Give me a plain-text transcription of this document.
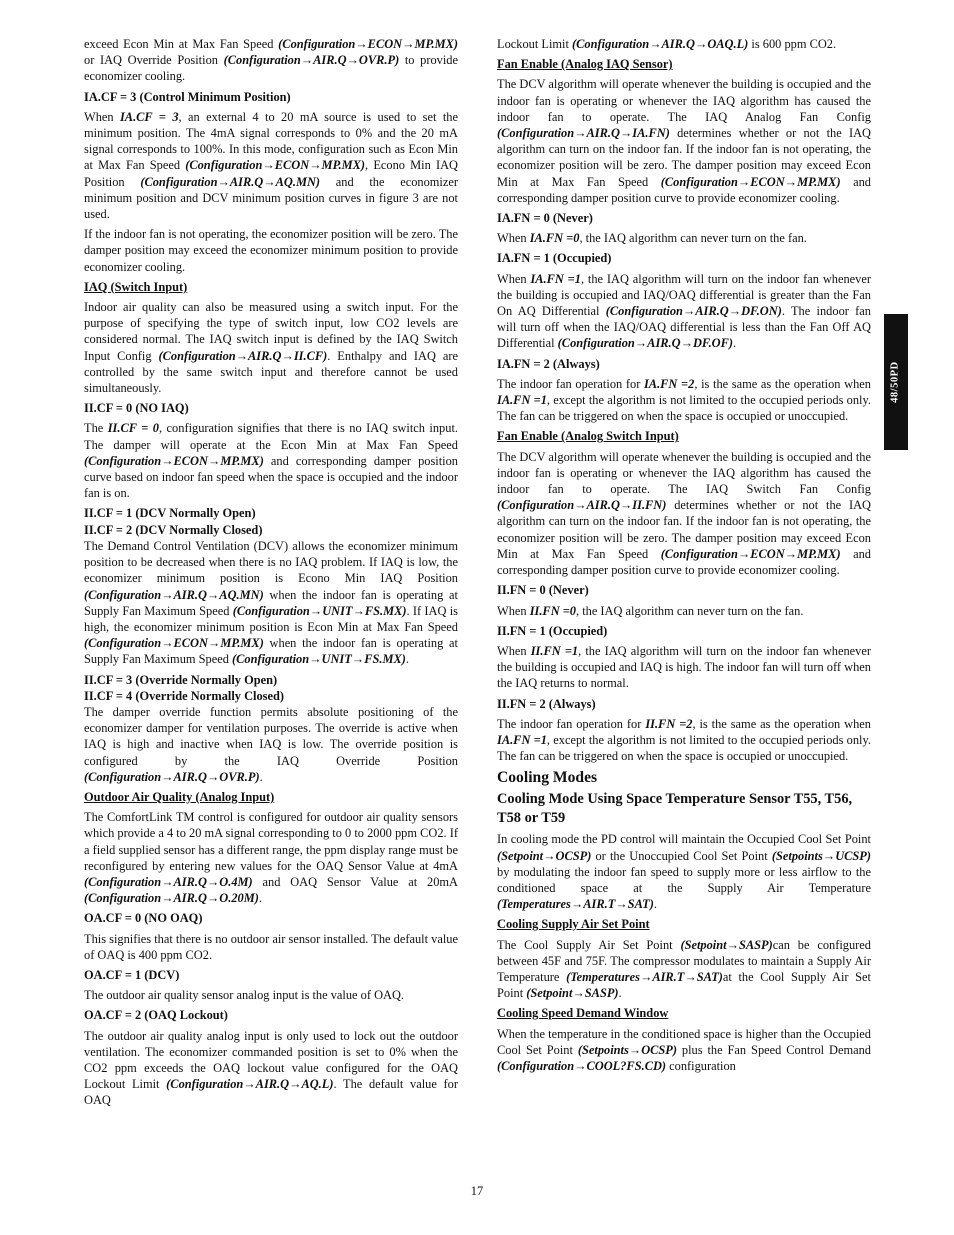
exceed Econ Min at Max Fan Speed (Configuration→ECON→MP.MX) or IAQ Override Position (Configuration→AIR.Q→OVR.P) to provide economizer cooling.

IA.CF = 3 (Control Minimum Position)

When IA.CF = 3, an external 4 to 20 mA source is used to set the minimum position. The 4mA signal corresponds to 0% and the 20 mA signal corresponds to 100%. In this mode, configuration such as Econ Min at Max Fan Speed (Configuration→ECON→MP.MX), Econo Min IAQ Position (Configuration→AIR.Q→AQ.MN) and the economizer minimum position and DCV minimum position curves in figure 3 are not used.

If the indoor fan is not operating, the economizer position will be zero. The damper position may exceed the economizer minimum position to provide economizer cooling.

IAQ (Switch Input)

Indoor air quality can also be measured using a switch input. For the purpose of specifying the type of switch input, low CO2 levels are considered normal. The IAQ switch input is defined by the IAQ Switch Input Config (Configuration→AIR.Q→II.CF). Enthalpy and IAQ are controlled by the same switch input and therefore cannot be used simultaneously.

II.CF = 0 (NO IAQ)

The II.CF = 0, configuration signifies that there is no IAQ switch input. The damper will operate at the Econ Min at Max Fan Speed (Configuration→ECON→MP.MX) and corresponding damper position curve based on indoor fan speed when the space is occupied and the indoor fan is on.

II.CF = 1 (DCV Normally Open)
II.CF = 2 (DCV Normally Closed)

The Demand Control Ventilation (DCV) allows the economizer minimum position to be decreased when there is no IAQ problem. If IAQ is low, the economizer minimum position is Econo Min IAQ Position (Configuration→AIR.Q→AQ.MN) when the indoor fan is operating at Supply Fan Maximum Speed (Configuration→UNIT→FS.MX). If IAQ is high, the economizer minimum position is Econ Min at Max Fan Speed (Configuration→ECON→MP.MX) when the indoor fan is operating at Supply Fan Maximum Speed (Configuration→UNIT→FS.MX).

II.CF = 3 (Override Normally Open)
II.CF = 4 (Override Normally Closed)

The damper override function permits absolute positioning of the economizer damper for ventilation purposes. The override is active when IAQ is high and inactive when IAQ is low. The override position is configured by the IAQ Override Position (Configuration→AIR.Q→OVR.P).

Outdoor Air Quality (Analog Input)

The ComfortLink TM control is configured for outdoor air quality sensors which provide a 4 to 20 mA signal corresponding to 0 to 2000 ppm CO2. If a field supplied sensor has a different range, the ppm display range must be reconfigured by entering new values for the OAQ Sensor Value at 4mA (Configuration→AIR.Q→O.4M) and OAQ Sensor Value at 20mA (Configuration→AIR.Q→O.20M).

OA.CF = 0 (NO OAQ)

This signifies that there is no outdoor air sensor installed. The default value of OAQ is 400 ppm CO2.

OA.CF = 1 (DCV)

The outdoor air quality sensor analog input is the value of OAQ.

OA.CF = 2 (OAQ Lockout)

The outdoor air quality analog input is only used to lock out the outdoor ventilation. The economizer commanded position is set to 0% when the CO2 ppm exceeds the OAQ lockout value configured for the OAQ Lockout Limit (Configuration→AIR.Q→AQ.L). The default value for OAQ

Lockout Limit (Configuration→AIR.Q→OAQ.L) is 600 ppm CO2.

Fan Enable (Analog IAQ Sensor)

The DCV algorithm will operate whenever the building is occupied and the indoor fan is operating or whenever the IAQ algorithm has caused the indoor fan to operate. The IAQ Analog Fan Config (Configuration→AIR.Q→IA.FN) determines whether or not the IAQ algorithm can turn on the indoor fan. If the indoor fan is not operating, the economizer position will be zero. The damper position may exceed Econ Min at Max Fan Speed (Configuration→ECON→MP.MX) and corresponding damper position curve to provide economizer cooling.

IA.FN = 0 (Never)

When IA.FN =0, the IAQ algorithm can never turn on the fan.

IA.FN = 1 (Occupied)

When IA.FN =1, the IAQ algorithm will turn on the indoor fan whenever the building is occupied and IAQ/OAQ differential is greater than the Fan On AQ Differential (Configuration→AIR.Q→DF.ON). The indoor fan will turn off when the IAQ/OAQ differential is less than the Fan Off AQ Differential (Configuration→AIR.Q→DF.OF).

IA.FN = 2 (Always)

The indoor fan operation for IA.FN =2, is the same as the operation when IA.FN =1, except the algorithm is not limited to the occupied periods only. The fan can be triggered on when the space is occupied or unoccupied.

Fan Enable (Analog Switch Input)

The DCV algorithm will operate whenever the building is occupied and the indoor fan is operating or whenever the IAQ algorithm has caused the indoor fan to operate. The IAQ Switch Fan Config (Configuration→AIR.Q→II.FN) determines whether or not the IAQ algorithm can turn on the indoor fan. If the indoor fan is not operating, the economizer position will be zero. The damper position may exceed Econ Min at Max Fan Speed (Configuration→ECON→MP.MX) and corresponding damper position curve to provide economizer cooling.

II.FN = 0 (Never)

When II.FN =0, the IAQ algorithm can never turn on the fan.

II.FN = 1 (Occupied)

When II.FN =1, the IAQ algorithm will turn on the indoor fan whenever the building is occupied and IAQ is high. The indoor fan will turn off when the IAQ returns to normal.

II.FN = 2 (Always)

The indoor fan operation for II.FN =2, is the same as the operation when IA.FN =1, except the algorithm is not limited to the occupied periods only. The fan can be triggered on when the space is occupied or unoccupied.

Cooling Modes
Cooling Mode Using Space Temperature Sensor T55, T56, T58 or T59

In cooling mode the PD control will maintain the Occupied Cool Set Point (Setpoint→OCSP) or the Unoccupied Cool Set Point (Setpoints→UCSP) by modulating the indoor fan speed to supply more or less airflow to the conditioned space at the Supply Air Temperature (Temperatures→AIR.T→SAT).

Cooling Supply Air Set Point

The Cool Supply Air Set Point (Setpoint→SASP)can be configured between 45F and 75F. The compressor modulates to maintain a Supply Air Temperature (Temperatures→AIR.T→SAT)at the Cool Supply Air Set Point (Setpoint→SASP).

Cooling Speed Demand Window

When the temperature in the conditioned space is higher than the Occupied Cool Set Point (Setpoints→OCSP) plus the Fan Speed Control Demand (Configuration→COOL?FS.CD) configuration

48/50PD
17
